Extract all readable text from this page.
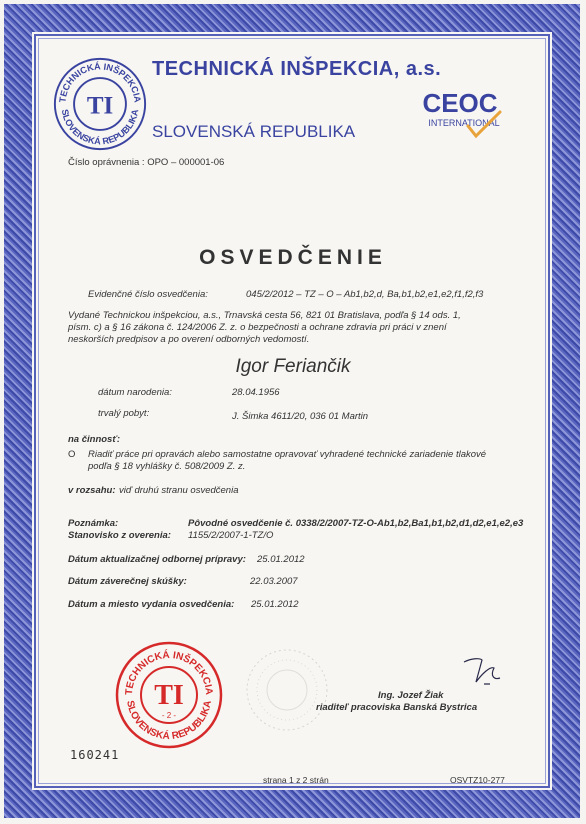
TECHNICKÁ INŠPEKCIA
SLOVENSKÁ REPUBLIKA
TI
TECHNICKÁ INŠPEKCIA, a.s.
SLOVENSKÁ REPUBLIKA
CEOC
INTERNATIONAL
Číslo oprávnenia : OPO – 000001-06
OSVEDČENIE
Evidenčné číslo osvedčenia:	045/2/2012 – TZ – O – Ab1,b2,d, Ba,b1,b2,e1,e2,f1,f2,f3
Vydané Technickou inšpekciou, a.s., Trnavská cesta 56, 821 01 Bratislava, podľa § 14 ods. 1,
písm. c) a § 16 zákona č. 124/2006 Z. z. o bezpečnosti a ochrane zdravia pri práci v znení
neskorších predpisov a po overení odborných vedomostí.
Igor Feriančik
dátum narodenia:	28.04.1956
trvalý pobyt:	J. Šimka 4611/20, 036 01 Martin
na činnosť:
O Riadiť práce pri opravách alebo samostatne opravovať vyhradené technické zariadenie tlakové
podľa § 18 vyhlášky č. 508/2009 Z. z.
v rozsahu: viď druhú stranu osvedčenia
Poznámka:	Pôvodné osvedčenie č. 0338/2/2007-TZ-O-Ab1,b2,Ba1,b1,b2,d1,d2,e1,e2,e3
Stanovisko z overenia: 1155/2/2007-1-TZ/O
Dátum aktualizačnej odbornej prípravy: 25.01.2012
Dátum záverečnej skúšky:	22.03.2007
Dátum a miesto vydania osvedčenia: 25.01.2012
TECHNICKÁ INŠPEKCIA
SLOVENSKÁ REPUBLIKA
TI
- 2 -
Ing. Jozef Žiak
riaditeľ pracoviska Banská Bystrica
160241
strana 1 z 2 strán	OSVTZ10-277
